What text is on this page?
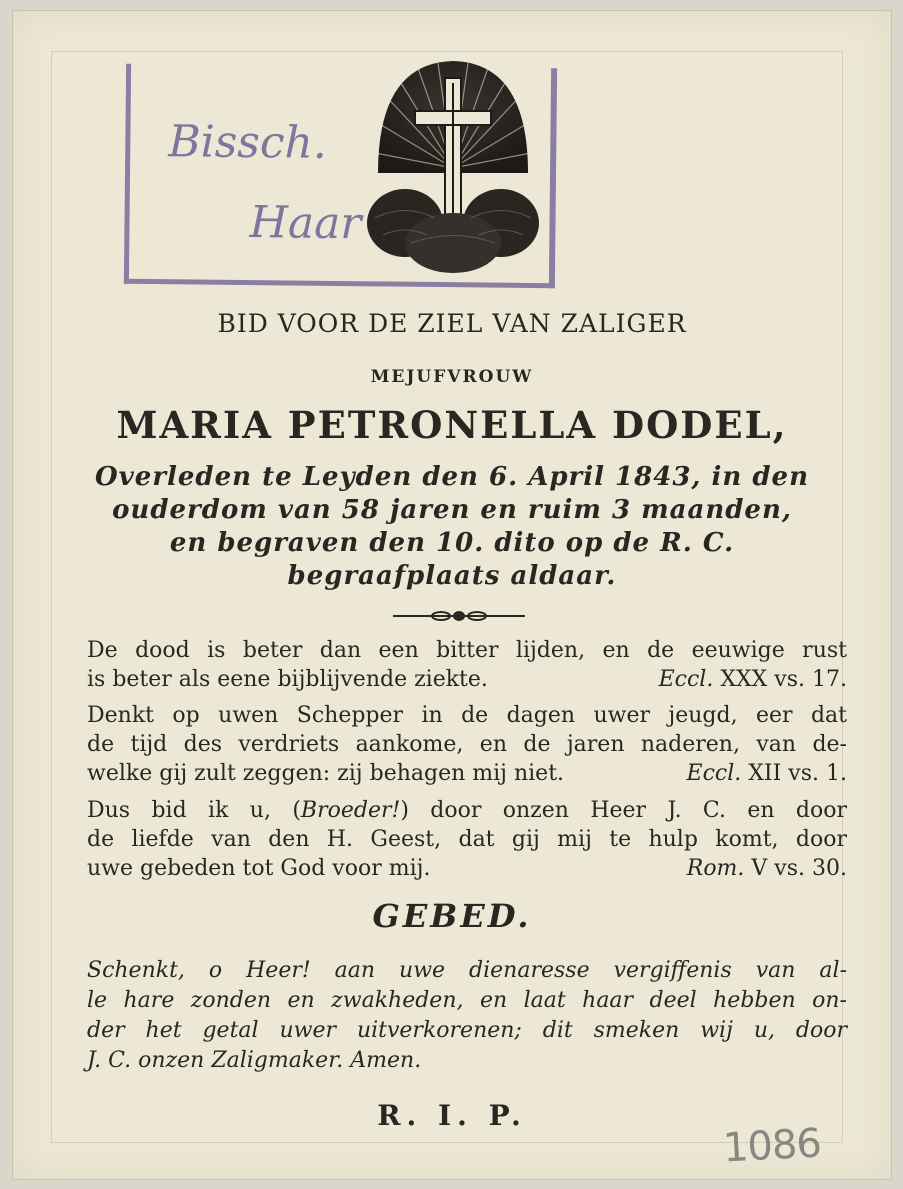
Bissch.
Haar
BID VOOR DE ZIEL VAN ZALIGER
MEJUFVROUW
MARIA PETRONELLA DODEL,
Overleden te Leyden den 6. April 1843, in den
ouderdom van 58 jaren en ruim 3 maanden,
en begraven den 10. dito op de R. C.
begraafplaats aldaar.
De dood is beter dan een bitter lijden, en de eeuwige rust
is beter als eene bijblijvende ziekte.	Eccl. XXX vs. 17.
Denkt op uwen Schepper in de dagen uwer jeugd, eer dat
de tijd des verdriets aankome, en de jaren naderen, van de-
welke gij zult zeggen: zij behagen mij niet.	Eccl. XII vs. 1.
Dus bid ik u, (Broeder!) door onzen Heer J. C. en door
de liefde van den H. Geest, dat gij mij te hulp komt, door
uwe gebeden tot God voor mij.	Rom. V vs. 30.
GEBED.
Schenkt, o Heer! aan uwe dienaresse vergiffenis van al-
le hare zonden en zwakheden, en laat haar deel hebben on-
der het getal uwer uitverkorenen; dit smeken wij u, door
J. C. onzen Zaligmaker. Amen.
R. I. P.
1086
